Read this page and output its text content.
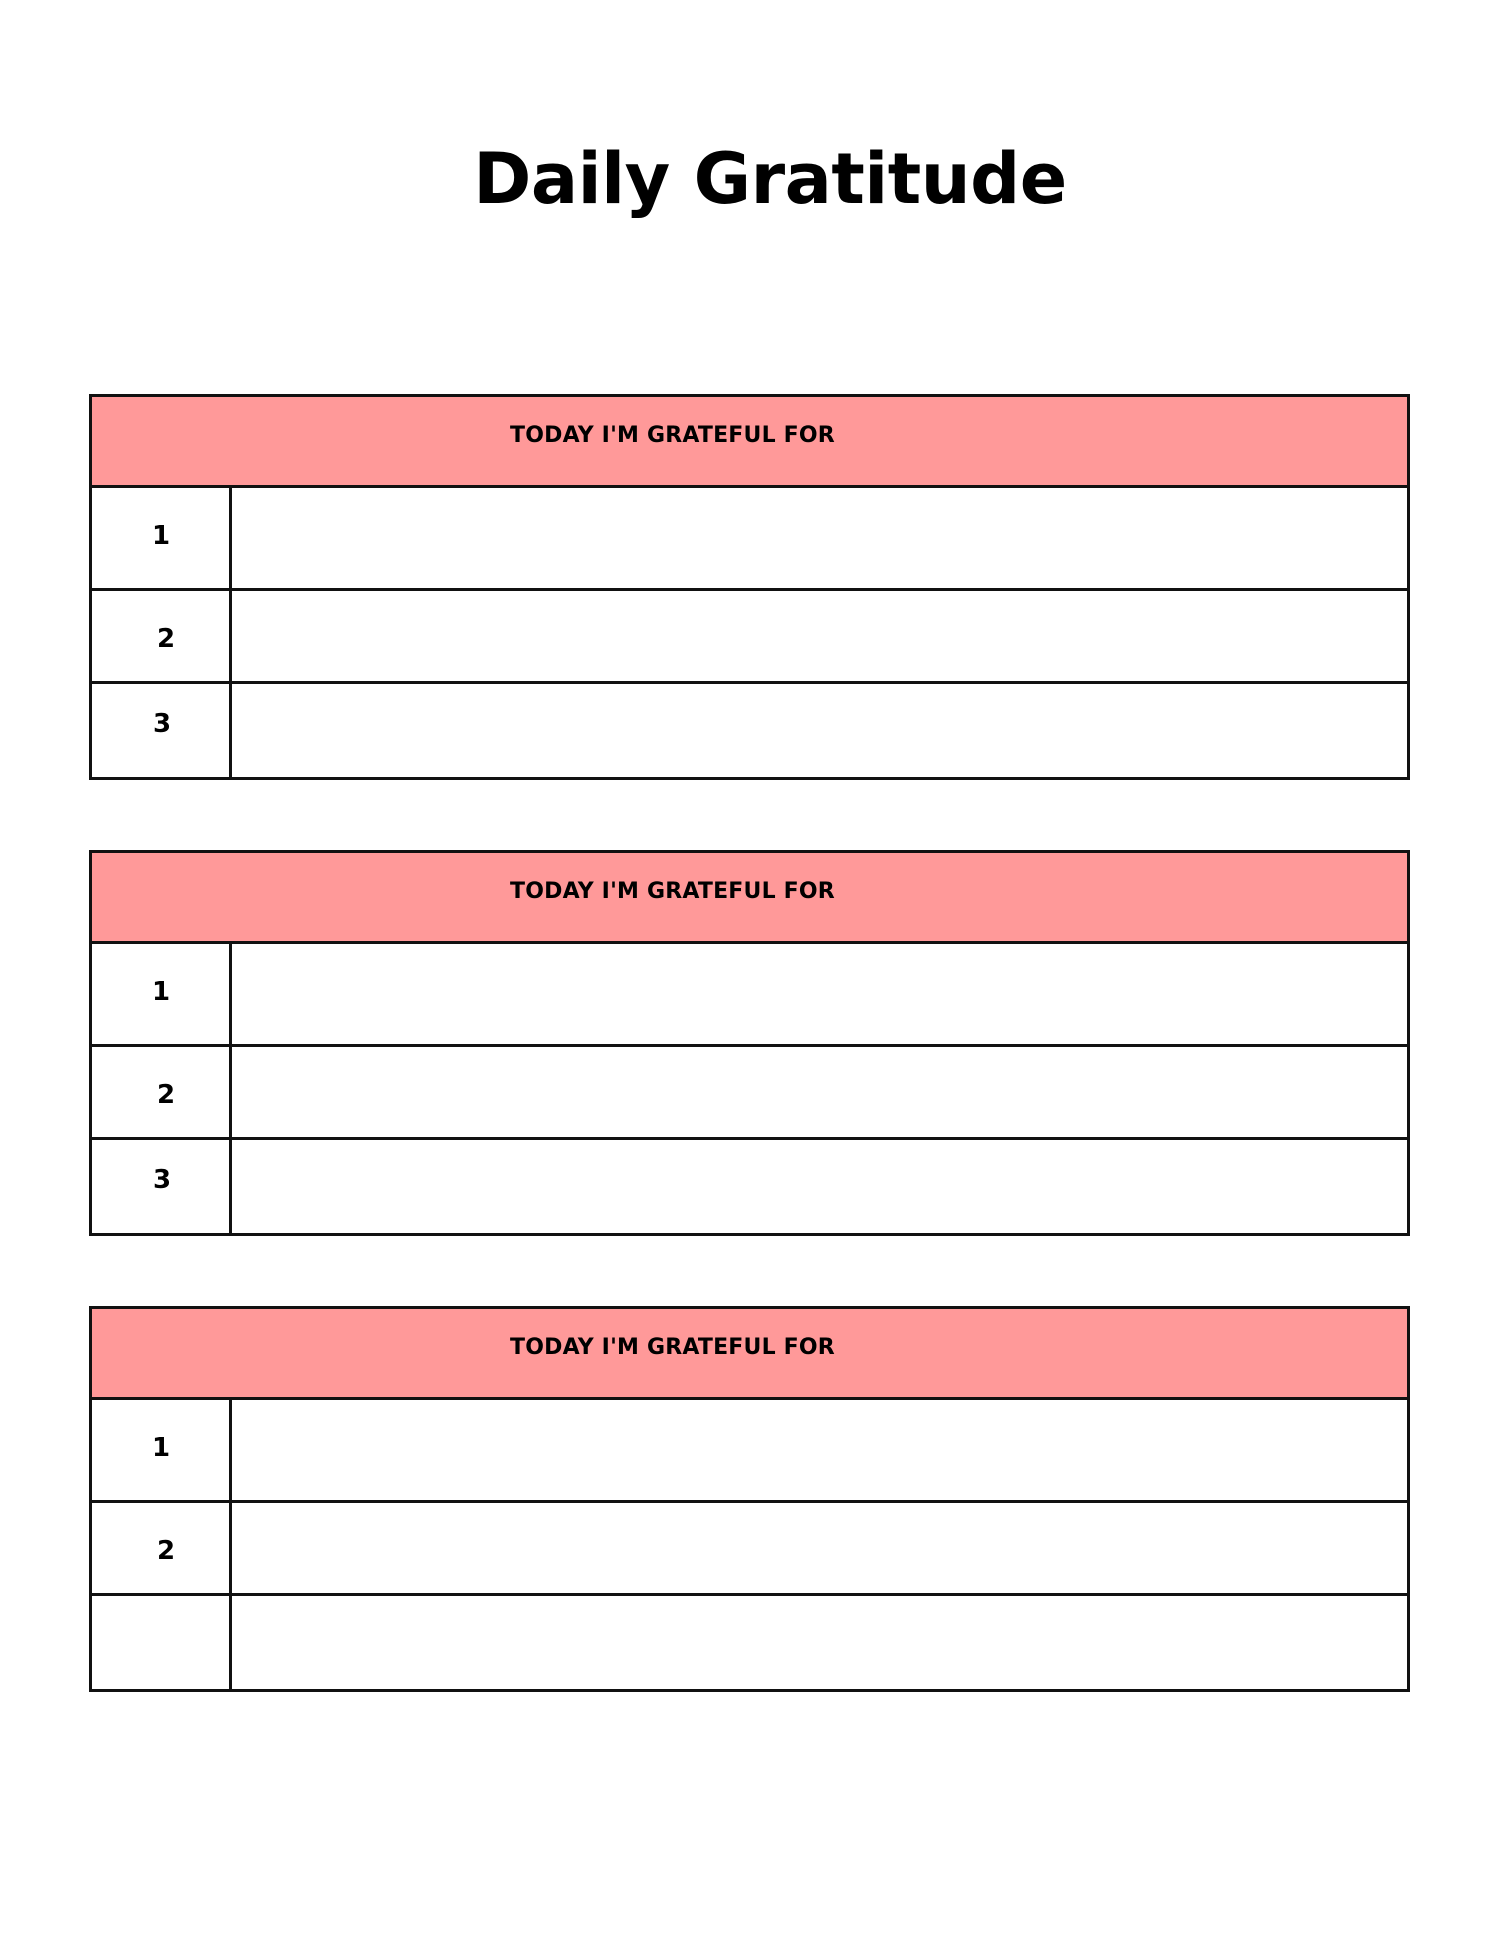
Daily Gratitude
TODAY I'M GRATEFUL FOR
1
2
3
TODAY I'M GRATEFUL FOR
1
2
3
TODAY I'M GRATEFUL FOR
1
2
